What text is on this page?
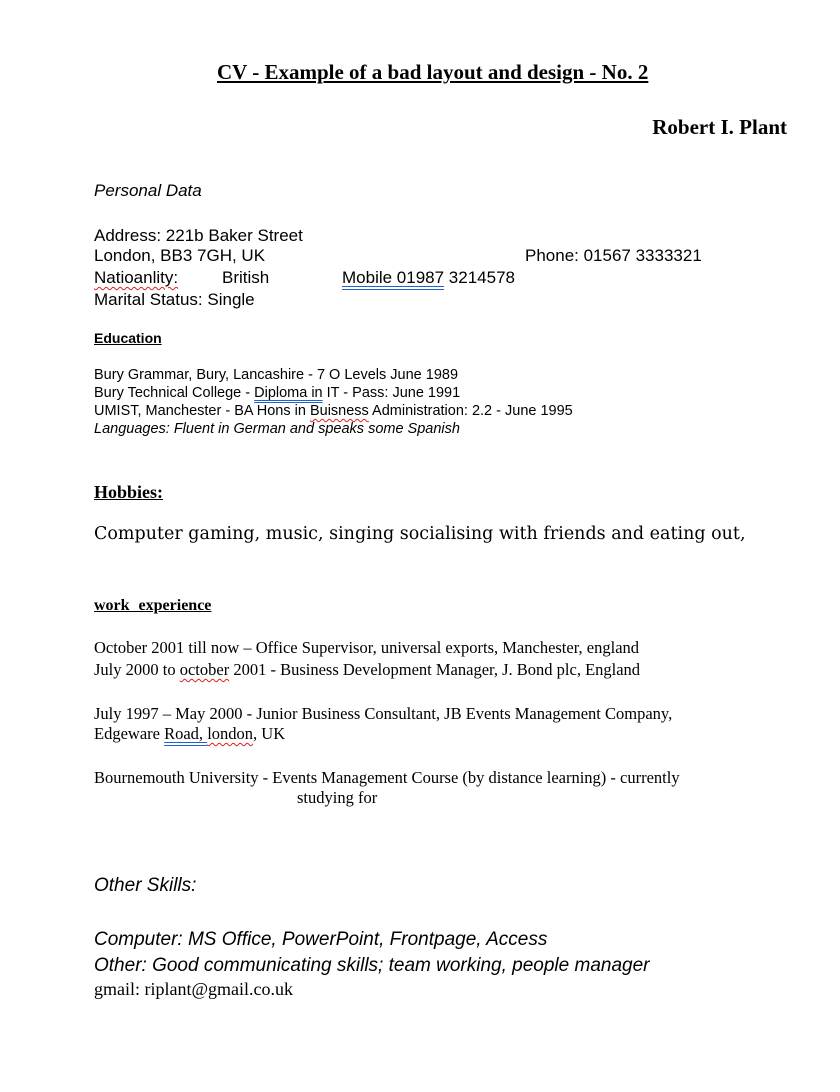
CV - Example of a bad layout and design - No. 2
Robert I. Plant
Personal Data
Address: 221b Baker Street
London, BB3 7GH, UK	Phone: 01567 3333321
Natioanlity:	British	Mobile 01987 3214578
Marital Status: Single
Education
Bury Grammar, Bury, Lancashire - 7 O Levels June 1989
Bury Technical College - Diploma in IT - Pass: June 1991
UMIST, Manchester - BA Hons in Buisness Administration: 2.2 - June 1995
Languages: Fluent in German and speaks some Spanish
Hobbies:
Computer gaming, music, singing socialising with friends and eating out,
work experience
October 2001 till now – Office Supervisor, universal exports, Manchester, england
July 2000 to october 2001 - Business Development Manager, J. Bond plc, England
July 1997 – May 2000 - Junior Business Consultant, JB Events Management Company,
Edgeware Road, london, UK
Bournemouth University - Events Management Course (by distance learning) - currently
studying for
Other Skills:
Computer: MS Office, PowerPoint, Frontpage, Access
Other: Good communicating skills; team working, people manager
gmail: riplant@gmail.co.uk
